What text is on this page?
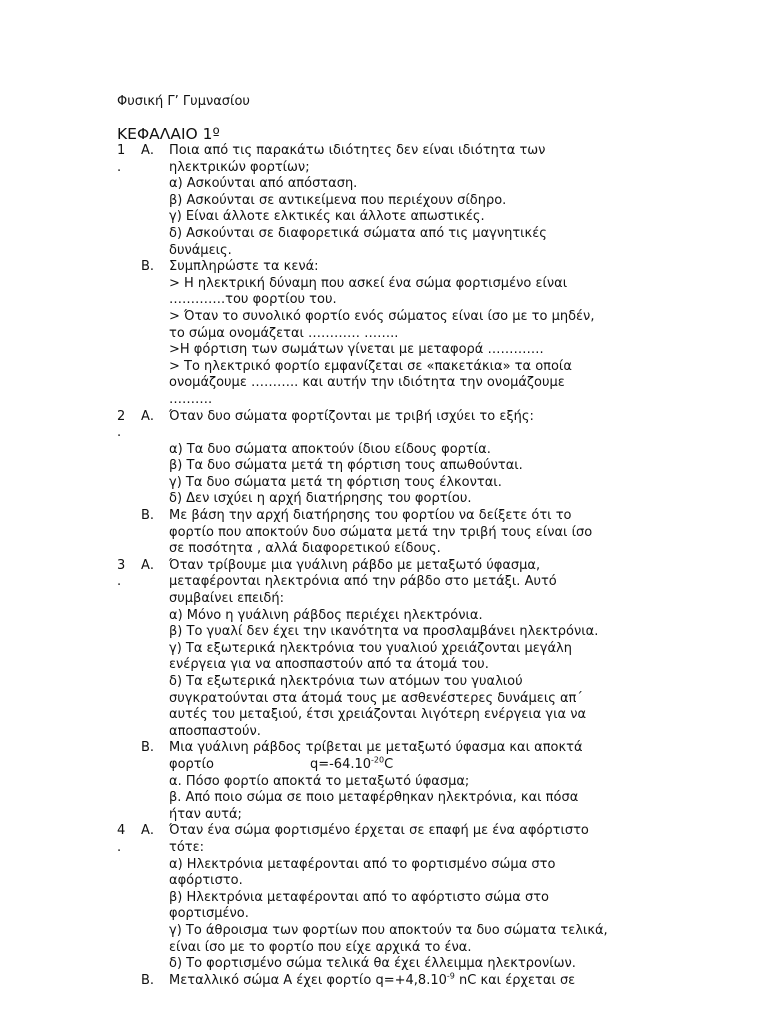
Φυσική Γ’ Γυμνασίου
ΚΕΦΑΛΑΙΟ 1º
1	Α.	Ποια από τις παρακάτω ιδιότητες δεν είναι ιδιότητα των
.	ηλεκτρικών φορτίων;
α) Ασκούνται από απόσταση.
β) Ασκούνται σε αντικείμενα που περιέχουν σίδηρο.
γ) Είναι άλλοτε ελκτικές και άλλοτε απωστικές.
δ) Ασκούνται σε διαφορετικά σώματα από τις μαγνητικές
δυνάμεις.
Β.	Συμπληρώστε τα κενά:
> Η ηλεκτρική δύναμη που ασκεί ένα σώμα φορτισμένο είναι
………….του φορτίου του.
> Όταν το συνολικό φορτίο ενός σώματος είναι ίσο με το μηδέν,
το σώμα ονομάζεται ………… ……..
>Η φόρτιση των σωμάτων γίνεται με μεταφορά ………….
> Το ηλεκτρικό φορτίο εμφανίζεται σε «πακετάκια» τα οποία
ονομάζουμε ……….. και αυτήν την ιδιότητα την ονομάζουμε
……….
2	Α.	Όταν δυο σώματα φορτίζονται με τριβή ισχύει το εξής:
.
α) Τα δυο σώματα αποκτούν ίδιου είδους φορτία.
β) Τα δυο σώματα μετά τη φόρτιση τους απωθούνται.
γ) Τα δυο σώματα μετά τη φόρτιση τους έλκονται.
δ) Δεν ισχύει η αρχή διατήρησης του φορτίου.
Β.	Με βάση την αρχή διατήρησης του φορτίου να δείξετε ότι το
φορτίο που αποκτούν δυο σώματα μετά την τριβή τους είναι ίσο
σε ποσότητα , αλλά διαφορετικού είδους.
3	Α.	Όταν τρίβουμε μια γυάλινη ράβδο με μεταξωτό ύφασμα,
.	μεταφέρονται ηλεκτρόνια από την ράβδο στο μετάξι. Αυτό
συμβαίνει επειδή:
α) Μόνο η γυάλινη ράβδος περιέχει ηλεκτρόνια.
β) Το γυαλί δεν έχει την ικανότητα να προσλαμβάνει ηλεκτρόνια.
γ) Τα εξωτερικά ηλεκτρόνια του γυαλιού χρειάζονται μεγάλη
ενέργεια για να αποσπαστούν από τα άτομά του.
δ) Τα εξωτερικά ηλεκτρόνια των ατόμων του γυαλιού
συγκρατούνται στα άτομά τους με ασθενέστερες δυνάμεις απ΄
αυτές του μεταξιού, έτσι χρειάζονται λιγότερη ενέργεια για να
αποσπαστούν.
Β.	Μια γυάλινη ράβδος τρίβεται με μεταξωτό ύφασμα και αποκτά
φορτίο	$q=-64.10^{-20}C$
α. Πόσο φορτίο αποκτά το μεταξωτό ύφασμα;
β. Από ποιο σώμα σε ποιο μεταφέρθηκαν ηλεκτρόνια, και πόσα
ήταν αυτά;
4	Α.	Όταν ένα σώμα φορτισμένο έρχεται σε επαφή με ένα αφόρτιστο
.	τότε:
α) Ηλεκτρόνια μεταφέρονται από το φορτισμένο σώμα στο
αφόρτιστο.
β) Ηλεκτρόνια μεταφέρονται από το αφόρτιστο σώμα στο
φορτισμένο.
γ) Το άθροισμα των φορτίων που αποκτούν τα δυο σώματα τελικά,
είναι ίσο με το φορτίο που είχε αρχικά το ένα.
δ) Το φορτισμένο σώμα τελικά θα έχει έλλειμμα ηλεκτρονίων.
Β.	Μεταλλικό σώμα Α έχει φορτίο $q=+4,8.10^{-9}$ nC και έρχεται σε
